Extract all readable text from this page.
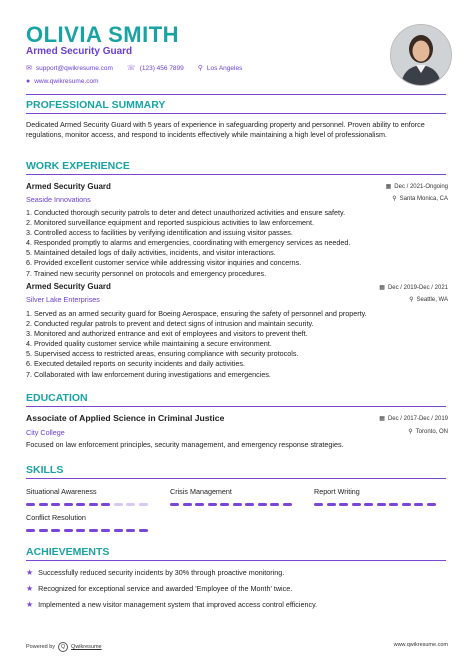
OLIVIA SMITH
Armed Security Guard
✉ support@qwikresume.com ☏ (123) 456 7899 ⚲ Los Angeles
● www.qwikresume.com
PROFESSIONAL SUMMARY
Dedicated Armed Security Guard with 5 years of experience in safeguarding property and personnel. Proven ability to enforce regulations, monitor access, and respond to incidents effectively while maintaining a high level of professionalism.
WORK EXPERIENCE
Armed Security Guard	▦ Dec / 2021-Ongoing
Seaside Innovations	⚲ Santa Monica, CA
1. Conducted thorough security patrols to deter and detect unauthorized activities and ensure safety.
2. Monitored surveillance equipment and reported suspicious activities to law enforcement.
3. Controlled access to facilities by verifying identification and issuing visitor passes.
4. Responded promptly to alarms and emergencies, coordinating with emergency services as needed.
5. Maintained detailed logs of daily activities, incidents, and visitor interactions.
6. Provided excellent customer service while addressing visitor inquiries and concerns.
7. Trained new security personnel on protocols and emergency procedures.
Armed Security Guard	▦ Dec / 2019-Dec / 2021
Silver Lake Enterprises	⚲ Seattle, WA
1. Served as an armed security guard for Boeing Aerospace, ensuring the safety of personnel and property.
2. Conducted regular patrols to prevent and detect signs of intrusion and maintain security.
3. Monitored and authorized entrance and exit of employees and visitors to prevent theft.
4. Provided quality customer service while maintaining a secure environment.
5. Supervised access to restricted areas, ensuring compliance with security protocols.
6. Executed detailed reports on security incidents and daily activities.
7. Collaborated with law enforcement during investigations and emergencies.
EDUCATION
Associate of Applied Science in Criminal Justice	▦ Dec / 2017-Dec / 2019
City College	⚲ Toronto, ON
Focused on law enforcement principles, security management, and emergency response strategies.
SKILLS
Situational Awareness	Crisis Management	Report Writing
Conflict Resolution
ACHIEVEMENTS
★ Successfully reduced security incidents by 30% through proactive monitoring.
★ Recognized for exceptional service and awarded 'Employee of the Month' twice.
★ Implemented a new visitor management system that improved access control efficiency.
Powered by	Q	Qwikresume	www.qwikresume.com
